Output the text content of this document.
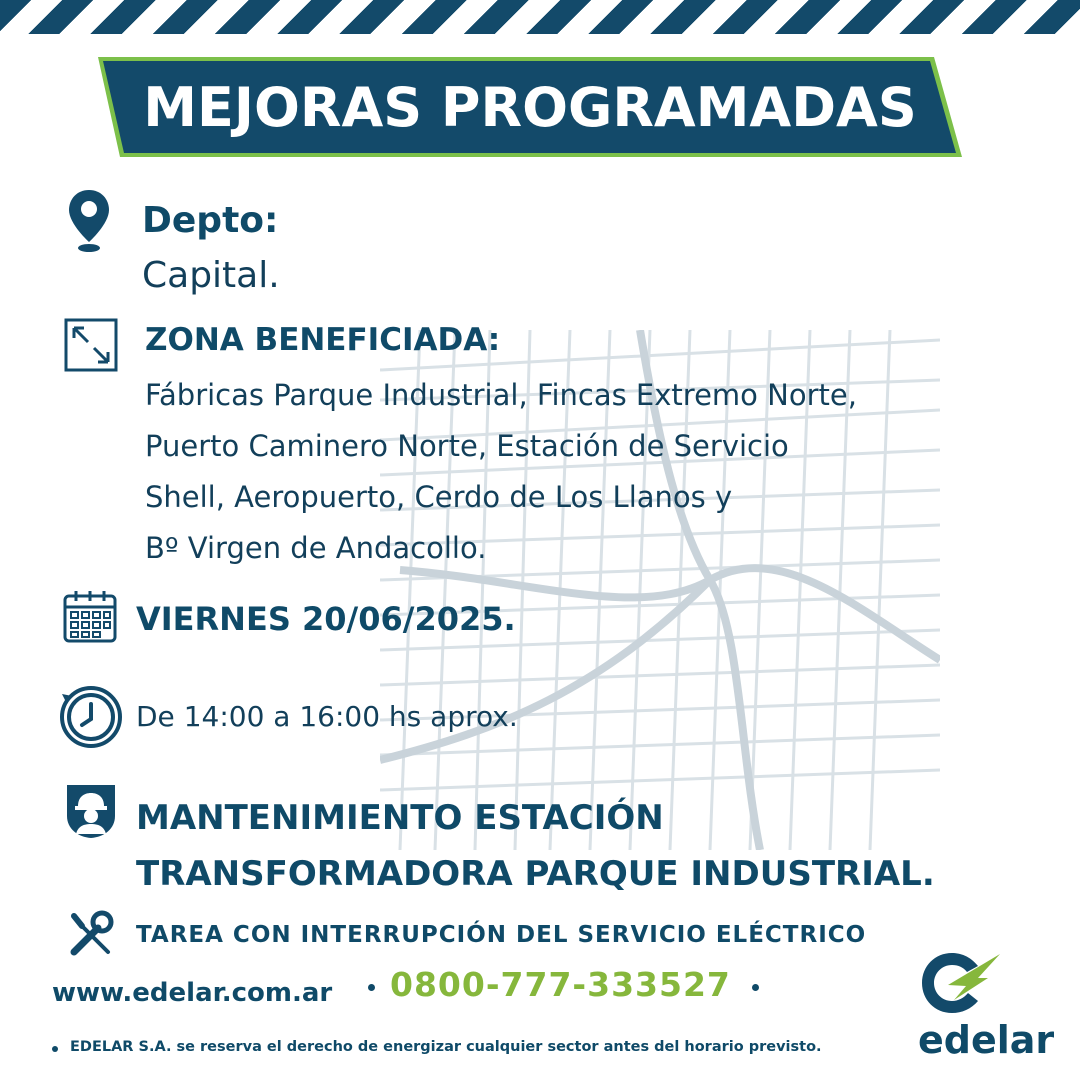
MEJORAS PROGRAMADAS
Depto:
Capital.
ZONA BENEFICIADA:
Fábricas Parque Industrial, Fincas Extremo Norte,
Puerto Caminero Norte, Estación de Servicio
Shell, Aeropuerto, Cerdo de Los Llanos y
Bº Virgen de Andacollo.
VIERNES 20/06/2025.
De 14:00 a 16:00 hs aprox.
MANTENIMIENTO ESTACIÓN
TRANSFORMADORA PARQUE INDUSTRIAL.
TAREA CON INTERRUPCIÓN DEL SERVICIO ELÉCTRICO
www.edelar.com.ar 0800-777-333527
EDELAR S.A. se reserva el derecho de energizar cualquier sector antes del horario previsto.	edelar
